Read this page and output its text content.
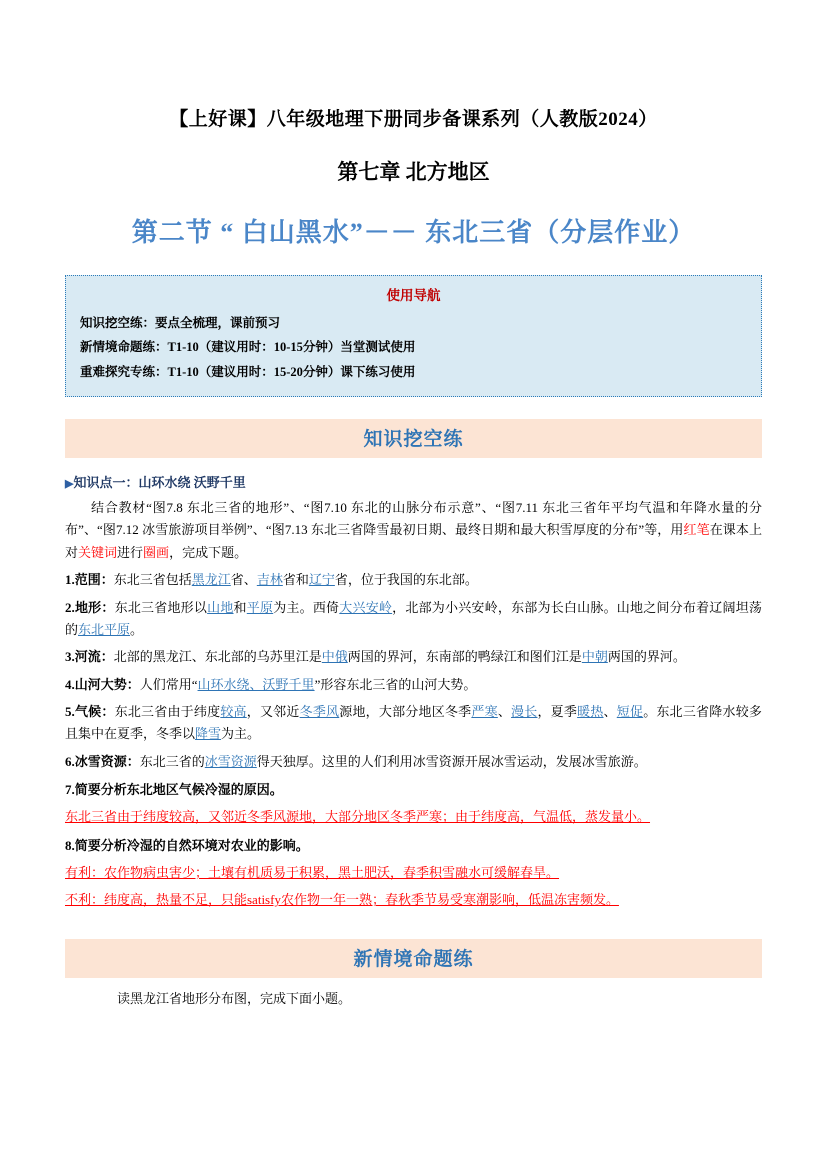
【上好课】八年级地理下册同步备课系列（人教版2024）
第七章 北方地区
第二节 “ 白山黑水”－－ 东北三省（分层作业）
使用导航
知识挖空练：要点全梳理，课前预习
新情境命题练：T1-10（建议用时：10-15分钟）当堂测试使用
重难探究专练：T1-10（建议用时：15-20分钟）课下练习使用
知识挖空练
▶知识点一：山环水绕 沃野千里
结合教材“图7.8 东北三省的地形”、“图7.10 东北的山脉分布示意”、“图7.11 东北三省年平均气温和年降水量的分布”、“图7.12 冰雪旅游项目举例”、“图7.13 东北三省降雪最初日期、最终日期和最大积雪厚度的分布”等，用红笔在课本上对关键词进行圈画，完成下题。
1.范围：东北三省包括黑龙江省、吉林省和辽宁省，位于我国的东北部。
2.地形：东北三省地形以山地和平原为主。西倚大兴安岭，北部为小兴安岭，东部为长白山脉。山地之间分布着辽阔坦荡的东北平原。
3.河流：北部的黑龙江、东北部的乌苏里江是中俄两国的界河，东南部的鸭绿江和图们江是中朝两国的界河。
4.山河大势：人们常用“山环水绕、沃野千里”形容东北三省的山河大势。
5.气候：东北三省由于纬度较高，又邻近冬季风源地，大部分地区冬季严寒、漫长，夏季暖热、短促。东北三省降水较多且集中在夏季，冬季以降雪为主。
6.冰雪资源：东北三省的冰雪资源得天独厚。这里的人们利用冰雪资源开展冰雪运动，发展冰雪旅游。
7.简要分析东北地区气候冷湿的原因。
东北三省由于纬度较高，又邻近冬季风源地，大部分地区冬季严寒；由于纬度高，气温低，蒸发量小。
8.简要分析冷湿的自然环境对农业的影响。
有利：农作物病虫害少；土壤有机质易于积累，黑土肥沃，春季积雪融水可缓解春旱。
不利：纬度高，热量不足，只能satisfy农作物一年一熟；春秋季节易受寒潮影响，低温冻害频发。
新情境命题练
读黑龙江省地形分布图，完成下面小题。
